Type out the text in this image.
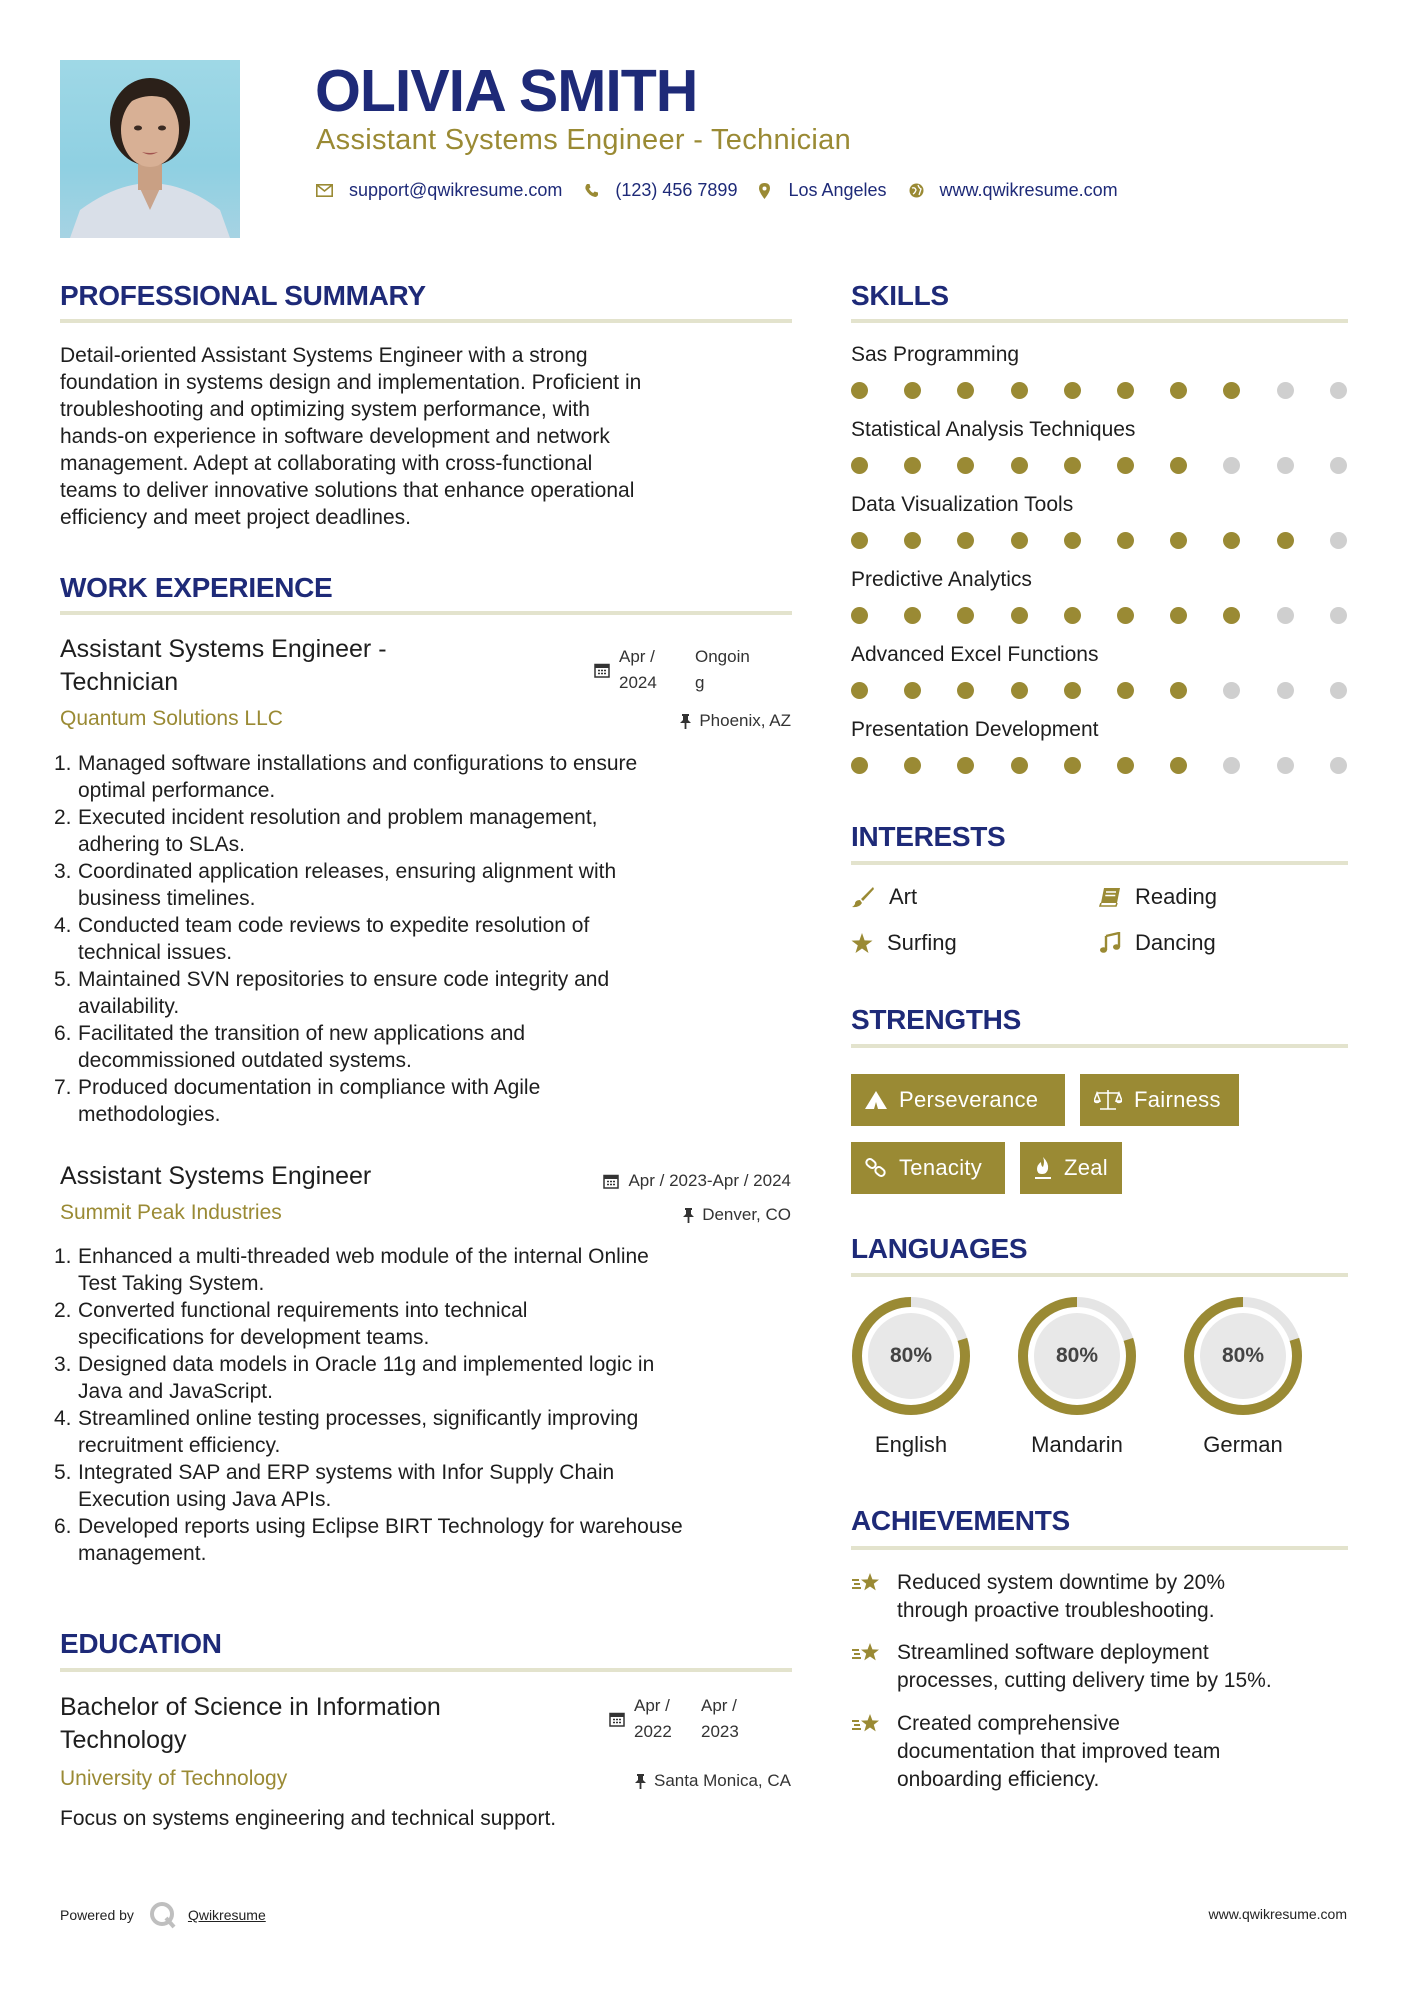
OLIVIA SMITH
Assistant Systems Engineer - Technician
support@qwikresume.com	(123) 456 7899	Los Angeles	www.qwikresume.com
PROFESSIONAL SUMMARY
Detail-oriented Assistant Systems Engineer with a strong
foundation in systems design and implementation. Proficient in
troubleshooting and optimizing system performance, with
hands-on experience in software development and network
management. Adept at collaborating with cross-functional
teams to deliver innovative solutions that enhance operational
efficiency and meet project deadlines.
WORK EXPERIENCE
Assistant Systems Engineer -
Technician
Apr /
2024
Ongoin
g
Quantum Solutions LLC	Phoenix, AZ
1. Managed software installations and configurations to ensure
optimal performance.
2. Executed incident resolution and problem management,
adhering to SLAs.
3. Coordinated application releases, ensuring alignment with
business timelines.
4. Conducted team code reviews to expedite resolution of
technical issues.
5. Maintained SVN repositories to ensure code integrity and
availability.
6. Facilitated the transition of new applications and
decommissioned outdated systems.
7. Produced documentation in compliance with Agile
methodologies.
Assistant Systems Engineer	Apr / 2023-Apr / 2024
Summit Peak Industries	Denver, CO
1. Enhanced a multi-threaded web module of the internal Online
Test Taking System.
2. Converted functional requirements into technical
specifications for development teams.
3. Designed data models in Oracle 11g and implemented logic in
Java and JavaScript.
4. Streamlined online testing processes, significantly improving
recruitment efficiency.
5. Integrated SAP and ERP systems with Infor Supply Chain
Execution using Java APIs.
6. Developed reports using Eclipse BIRT Technology for warehouse
management.
EDUCATION
Bachelor of Science in Information
Technology
Apr /
2022
Apr /
2023
University of Technology	Santa Monica, CA
Focus on systems engineering and technical support.
SKILLS
Sas Programming
Statistical Analysis Techniques
Data Visualization Tools
Predictive Analytics
Advanced Excel Functions
Presentation Development
INTERESTS
Art	Reading
Surfing	Dancing
STRENGTHS
Perseverance	Fairness
Tenacity	Zeal
LANGUAGES
80%
English
80%
Mandarin
80%
German
ACHIEVEMENTS
Reduced system downtime by 20%
through proactive troubleshooting.
Streamlined software deployment
processes, cutting delivery time by 15%.
Created comprehensive
documentation that improved team
onboarding efficiency.
Powered by	Qwikresume	www.qwikresume.com
